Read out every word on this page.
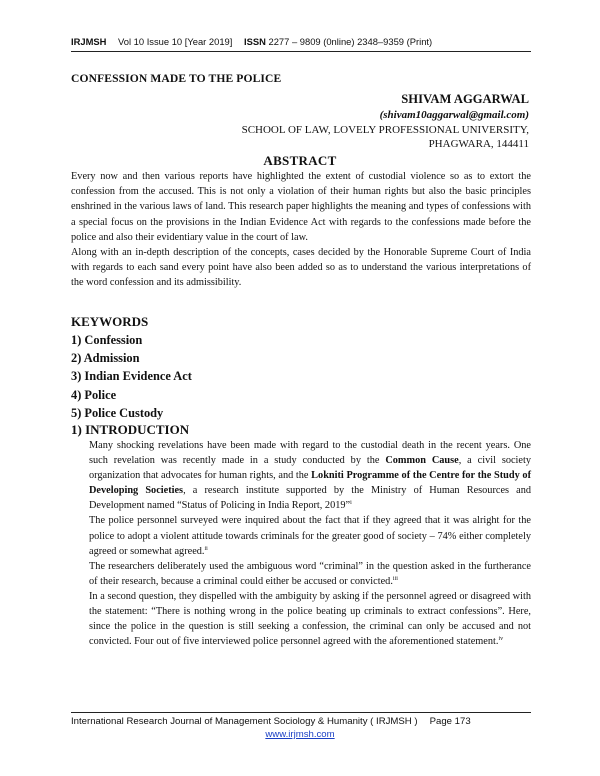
IRJMSH Vol 10 Issue 10 [Year 2019] ISSN 2277 – 9809 (0nline) 2348–9359 (Print)
CONFESSION MADE TO THE POLICE
SHIVAM AGGARWAL
(shivam10aggarwal@gmail.com)
SCHOOL OF LAW, LOVELY PROFESSIONAL UNIVERSITY,
PHAGWARA, 144411
ABSTRACT

Every now and then various reports have highlighted the extent of custodial violence so as to extort the confession from the accused. This is not only a violation of their human rights but also the basic principles enshrined in the various laws of land. This research paper highlights the meaning and types of confessions with a special focus on the provisions in the Indian Evidence Act with regards to the confessions made before the police and also their evidentiary value in the court of law.

Along with an in-depth description of the concepts, cases decided by the Honorable Supreme Court of India with regards to each sand every point have also been added so as to understand the various interpretations of the word confession and its admissibility.

KEYWORDS
1) Confession
2) Admission
3) Indian Evidence Act
4) Police
5) Police Custody
1) INTRODUCTION

Many shocking revelations have been made with regard to the custodial death in the recent years. One such revelation was recently made in a study conducted by the Common Cause, a civil society organization that advocates for human rights, and the Lokniti Programme of the Centre for the Study of Developing Societies, a research institute supported by the Ministry of Human Resources and Development named “Status of Policing in India Report, 2019”$^i$

The police personnel surveyed were inquired about the fact that if they agreed that it was alright for the police to adopt a violent attitude towards criminals for the greater good of society – 74% either completely agreed or somewhat agreed.$^{ii}$

The researchers deliberately used the ambiguous word “criminal” in the question asked in the furtherance of their research, because a criminal could either be accused or convicted.$^{iii}$

In a second question, they dispelled with the ambiguity by asking if the personnel agreed or disagreed with the statement: “There is nothing wrong in the police beating up criminals to extract confessions”. Here, since the police in the question is still seeking a confession, the criminal can only be accused and not convicted. Four out of five interviewed police personnel agreed with the aforementioned statement.$^{iv}$

International Research Journal of Management Sociology & Humanity ( IRJMSH ) Page 173
www.irjmsh.com
